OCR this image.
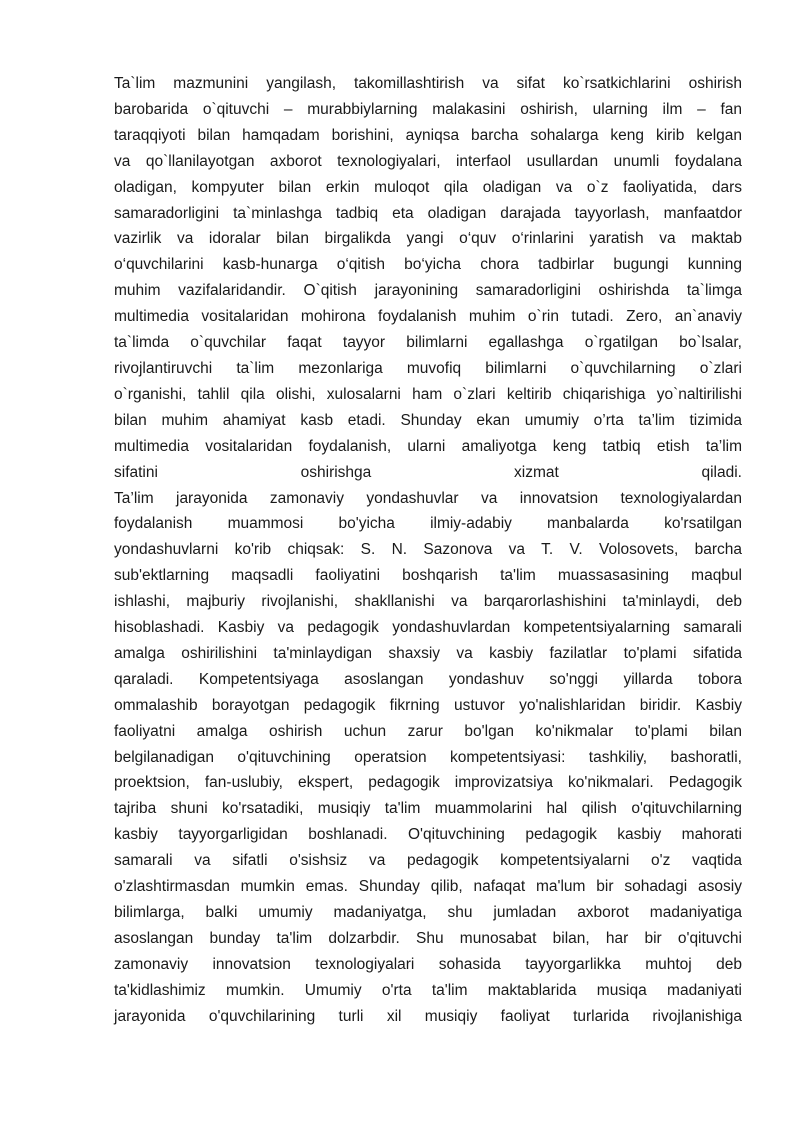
Ta`lim mazmunini yangilash, takomillashtirish va sifat ko`rsatkichlarini oshirish

barobarida o`qituvchi – murabbiylarning malakasini oshirish, ularning ilm – fan

taraqqiyoti bilan hamqadam borishini, ayniqsa barcha sohalarga keng kirib kelgan

va qo`llanilayotgan axborot texnologiyalari, interfaol usullardan unumli foydalana

oladigan, kompyuter bilan erkin muloqot qila oladigan va o`z faoliyatida, dars

samaradorligini ta`minlashga tadbiq eta oladigan darajada tayyorlash, manfaatdor

vazirlik va idoralar bilan birgalikda yangi o‘quv o‘rinlarini yaratish va maktab

o‘quvchilarini kasb-hunarga o‘qitish bo‘yicha chora tadbirlar bugungi kunning

muhim vazifalaridandir. O`qitish jarayonining samaradorligini oshirishda ta`limga

multimedia vositalaridan mohirona foydalanish muhim o`rin tutadi. Zero, an`anaviy

ta`limda o`quvchilar faqat tayyor bilimlarni egallashga o`rgatilgan bo`lsalar,

rivojlantiruvchi ta`lim mezonlariga muvofiq bilimlarni o`quvchilarning o`zlari

o`rganishi, tahlil qila olishi, xulosalarni ham o`zlari keltirib chiqarishiga yo`naltirilishi

bilan muhim ahamiyat kasb etadi. Shunday ekan umumiy o’rta ta’lim tizimida

multimedia vositalaridan foydalanish, ularni amaliyotga keng tatbiq etish ta’lim

sifatini oshirishga xizmat qiladi.

Ta’lim jarayonida zamonaviy yondashuvlar va innovatsion texnologiyalardan

foydalanish muammosi bo'yicha ilmiy-adabiy manbalarda ko'rsatilgan

yondashuvlarni ko'rib chiqsak: S. N. Sazonova va T. V. Volosovets, barcha

sub'ektlarning maqsadli faoliyatini boshqarish ta'lim muassasasining maqbul

ishlashi, majburiy rivojlanishi, shakllanishi va barqarorlashishini ta'minlaydi, deb

hisoblashadi. Kasbiy va pedagogik yondashuvlardan kompetentsiyalarning samarali

amalga oshirilishini ta'minlaydigan shaxsiy va kasbiy fazilatlar to'plami sifatida

qaraladi. Kompetentsiyaga asoslangan yondashuv so'nggi yillarda tobora

ommalashib borayotgan pedagogik fikrning ustuvor yo'nalishlaridan biridir. Kasbiy

faoliyatni amalga oshirish uchun zarur bo'lgan ko'nikmalar to'plami bilan

belgilanadigan o'qituvchining operatsion kompetentsiyasi: tashkiliy, bashoratli,

proektsion, fan-uslubiy, ekspert, pedagogik improvizatsiya ko'nikmalari. Pedagogik

tajriba shuni ko'rsatadiki, musiqiy ta'lim muammolarini hal qilish o'qituvchilarning

kasbiy tayyorgarligidan boshlanadi. O'qituvchining pedagogik kasbiy mahorati

samarali va sifatli o'sishsiz va pedagogik kompetentsiyalarni o'z vaqtida

o'zlashtirmasdan mumkin emas. Shunday qilib, nafaqat ma'lum bir sohadagi asosiy

bilimlarga, balki umumiy madaniyatga, shu jumladan axborot madaniyatiga

asoslangan bunday ta'lim dolzarbdir. Shu munosabat bilan, har bir o'qituvchi

zamonaviy innovatsion texnologiyalari sohasida tayyorgarlikka muhtoj deb

ta'kidlashimiz mumkin. Umumiy o'rta ta'lim maktablarida musiqa madaniyati

jarayonida o'quvchilarining turli xil musiqiy faoliyat turlarida rivojlanishiga
